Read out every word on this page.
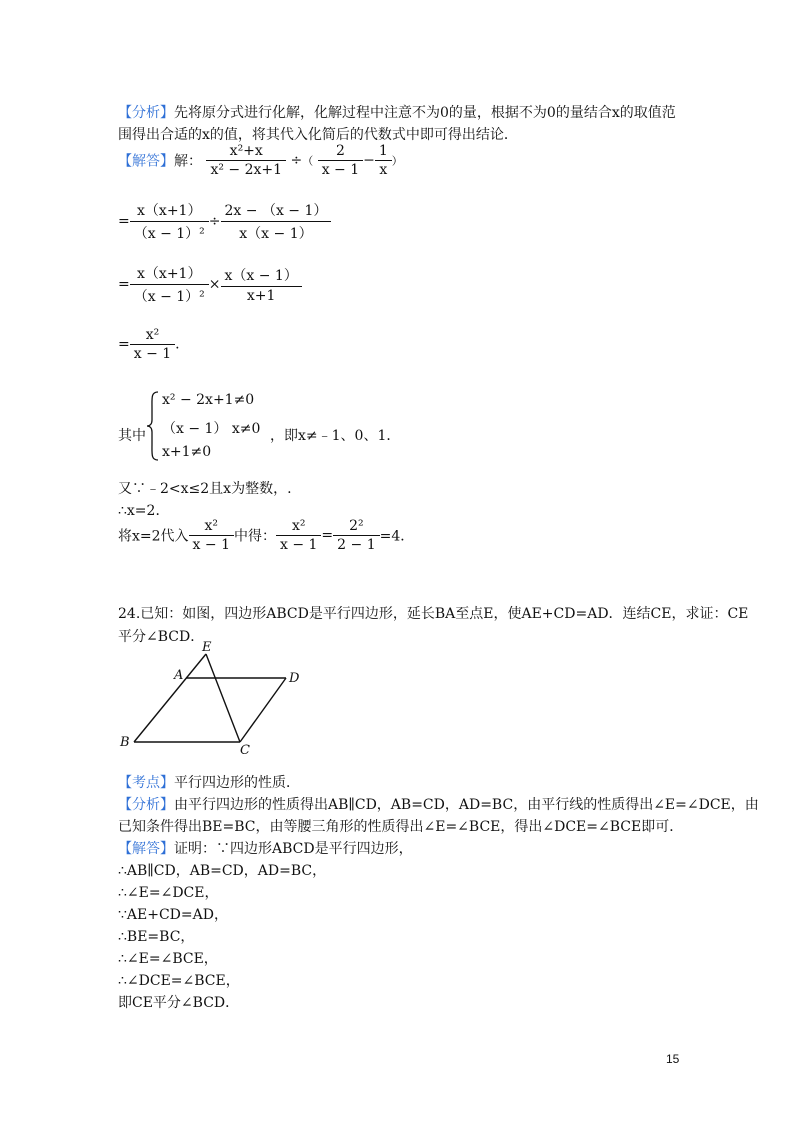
【分析】先将原分式进行化解，化解过程中注意不为0的量，根据不为0的量结合x的取值范
围得出合适的x的值，将其代入化简后的代数式中即可得出结论．
【解答】解： $\frac{\text{x²+x}}{\text{x² − 2x+1}}$ ÷（ $\frac{2}{x - 1} - \frac{1}{x}$ ）
= $\frac{x(x+1)}{\text{（x − 1）²}} \div \frac{2x - (x - 1)}{x(x - 1)}$
= $\frac{x(x+1)}{\text{（x − 1）²}} \times \frac{x(x - 1)}{x+1}$
= $\frac{\text{x²}}{x - 1}$ .
其中
x² − 2x+1≠0
（x − 1） x≠0
x+1≠0
，即x≠﹣1、0、1．
又∵﹣2<x≤2且x为整数，.
∴x=2．
将x=2代入 $\frac{\text{x²}}{x - 1}$ 中得： $\frac{\text{x²}}{x - 1} = \frac{\text{2²}}{2 - 1} =4$．
24.已知：如图，四边形ABCD是平行四边形，延长BA至点E，使AE+CD=AD．连结CE，求证：CE
平分∠BCD．
E
A	D
B
C
【考点】平行四边形的性质．
【分析】由平行四边形的性质得出AB∥CD，AB=CD，AD=BC，由平行线的性质得出∠E=∠DCE，由
已知条件得出BE=BC，由等腰三角形的性质得出∠E=∠BCE，得出∠DCE=∠BCE即可．
【解答】证明：∵四边形ABCD是平行四边形，
∴AB∥CD，AB=CD，AD=BC，
∴∠E=∠DCE，
∵AE+CD=AD，
∴BE=BC，
∴∠E=∠BCE，
∴∠DCE=∠BCE，
即CE平分∠BCD．
15
